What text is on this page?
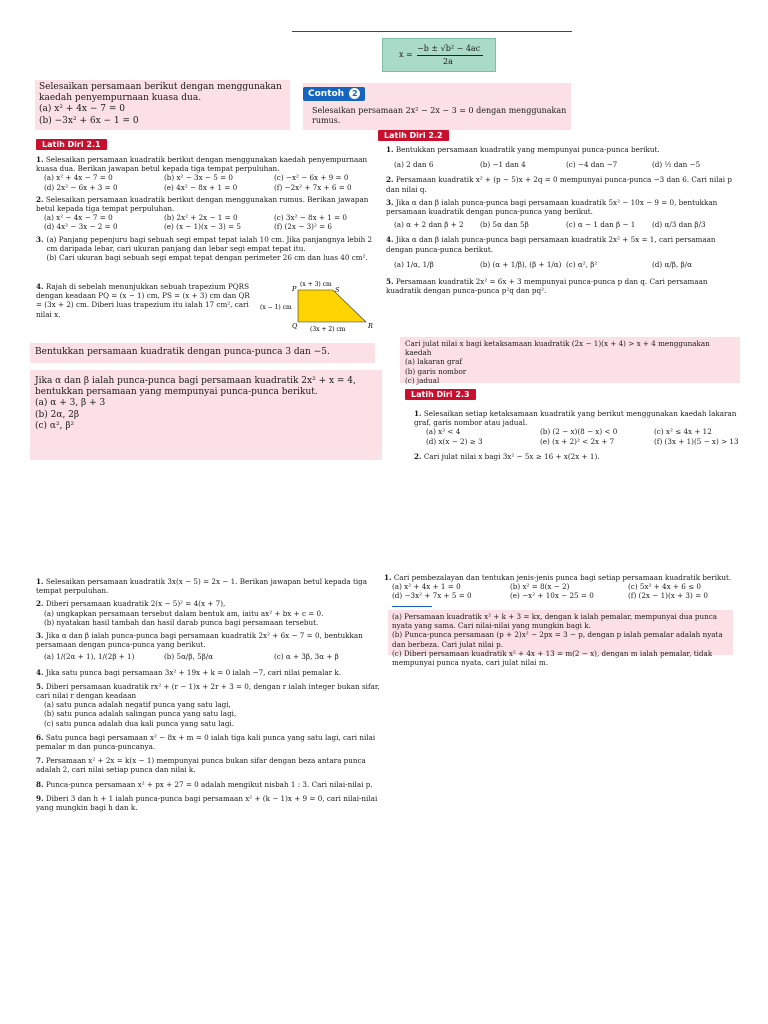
x =
−b ± √b² − 4ac
2a
Selesaikan persamaan berikut dengan menggunakan kaedah penyempurnaan kuasa dua.
(a) x² + 4x − 7 = 0
(b) −3x² + 6x − 1 = 0
Contoh 2
Selesaikan persamaan 2x² − 2x − 3 = 0 dengan menggunakan rumus.
Latih Diri 2.1
1. Selesaikan persamaan kuadratik berikut dengan menggunakan kaedah penyempurnaan kuasa dua. Berikan jawapan betul kepada tiga tempat perpuluhan.
(a) x² + 4x − 7 = 0	(b) x² − 3x − 5 = 0	(c) −x² − 6x + 9 = 0
(d) 2x² − 6x + 3 = 0	(e) 4x² − 8x + 1 = 0	(f) −2x² + 7x + 6 = 0
2. Selesaikan persamaan kuadratik berikut dengan menggunakan rumus. Berikan jawapan betul kepada tiga tempat perpuluhan.
(a) x² − 4x − 7 = 0	(b) 2x² + 2x − 1 = 0	(c) 3x² − 8x + 1 = 0
(d) 4x² − 3x − 2 = 0	(e) (x − 1)(x − 3) = 5	(f) (2x − 3)² = 6
3. (a) Panjang pepenjuru bagi sebuah segi empat tepat ialah 10 cm. Jika panjangnya lebih 2 cm daripada lebar, cari ukuran panjang dan lebar segi empat tepat itu.
(b) Cari ukuran bagi sebuah segi empat tepat dengan perimeter 26 cm dan luas 40 cm².
4. Rajah di sebelah menunjukkan sebuah trapezium PQRS dengan keadaan PQ = (x − 1) cm, PS = (x + 3) cm dan QR = (3x + 2) cm. Diberi luas trapezium itu ialah 17 cm², cari nilai x.
P	S
Q	R
(x + 3) cm
(x − 1) cm
(3x + 2) cm
Bentukkan persamaan kuadratik dengan punca-punca 3 dan −5.
Jika α dan β ialah punca-punca bagi persamaan kuadratik 2x² + x = 4, bentukkan persamaan yang mempunyai punca-punca berikut.
(a) α + 3, β + 3
(b) 2α, 2β
(c) α², β²
Latih Diri 2.2
1. Bentukkan persamaan kuadratik yang mempunyai punca-punca berikut.
(a) 2 dan 6	(b) −1 dan 4	(c) −4 dan −7	(d) ½ dan −5
2. Persamaan kuadratik x² + (p − 5)x + 2q = 0 mempunyai punca-punca −3 dan 6. Cari nilai p dan nilai q.
3. Jika α dan β ialah punca-punca bagi persamaan kuadratik 5x² − 10x − 9 = 0, bentukkan persamaan kuadratik dengan punca-punca yang berikut.
(a) α + 2 dan β + 2	(b) 5α dan 5β	(c) α − 1 dan β − 1	(d) α/3 dan β/3
4. Jika α dan β ialah punca-punca bagi persamaan kuadratik 2x² + 5x = 1, cari persamaan dengan punca-punca berikut.
(a) 1/α, 1/β	(b) (α + 1/β), (β + 1/α) (c) α², β²	(d) α/β, β/α
5. Persamaan kuadratik 2x² = 6x + 3 mempunyai punca-punca p dan q. Cari persamaan kuadratik dengan punca-punca p²q dan pq².
Cari julat nilai x bagi ketaksamaan kuadratik (2x − 1)(x + 4) > x + 4 menggunakan kaedah
(a) lakaran graf
(b) garis nombor
(c) jadual
Latih Diri 2.3
1. Selesaikan setiap ketaksamaan kuadratik yang berikut menggunakan kaedah lakaran graf, garis nombor atau jadual.
(a) x² < 4	(b) (2 − x)(8 − x) < 0	(c) x² ≤ 4x + 12
(d) x(x − 2) ≥ 3	(e) (x + 2)² < 2x + 7	(f) (3x + 1)(5 − x) > 13
2. Cari julat nilai x bagi 3x² − 5x ≥ 16 + x(2x + 1).
1. Selesaikan persamaan kuadratik 3x(x − 5) = 2x − 1. Berikan jawapan betul kepada tiga tempat perpuluhan.
2. Diberi persamaan kuadratik 2(x − 5)² = 4(x + 7),
(a) ungkapkan persamaan tersebut dalam bentuk am, iaitu ax² + bx + c = 0.
(b) nyatakan hasil tambah dan hasil darab punca bagi persamaan tersebut.
3. Jika α dan β ialah punca-punca bagi persamaan kuadratik 2x² + 6x − 7 = 0, bentukkan persamaan dengan punca-punca yang berikut.
(a) 1/(2α + 1), 1/(2β + 1)	(b) 5α/β, 5β/α	(c) α + 3β, 3α + β
4. Jika satu punca bagi persamaan 3x² + 19x + k = 0 ialah −7, cari nilai pemalar k.
5. Diberi persamaan kuadratik rx² + (r − 1)x + 2r + 3 = 0, dengan r ialah integer bukan sifar, cari nilai r dengan keadaan
(a) satu punca adalah negatif punca yang satu lagi,
(b) satu punca adalah salingan punca yang satu lagi,
(c) satu punca adalah dua kali punca yang satu lagi.
6. Satu punca bagi persamaan x² − 8x + m = 0 ialah tiga kali punca yang satu lagi, cari nilai pemalar m dan punca-puncanya.
7. Persamaan x² + 2x = k(x − 1) mempunyai punca bukan sifar dengan beza antara punca adalah 2, cari nilai setiap punca dan nilai k.
8. Punca-punca persamaan x² + px + 27 = 0 adalah mengikut nisbah 1 : 3. Cari nilai-nilai p.
9. Diberi 3 dan h + 1 ialah punca-punca bagi persamaan x² + (k − 1)x + 9 = 0, cari nilai-nilai yang mungkin bagi h dan k.
1. Cari pembezalayan dan tentukan jenis-jenis punca bagi setiap persamaan kuadratik berikut.
(a) x² + 4x + 1 = 0	(b) x² = 8(x − 2)	(c) 5x² + 4x + 6 ≤ 0
(d) −3x² + 7x + 5 = 0	(e) −x² + 10x − 25 = 0	(f) (2x − 1)(x + 3) = 0
(a) Persamaan kuadratik x² + k + 3 = kx, dengan k ialah pemalar, mempunyai dua punca nyata yang sama. Cari nilai-nilai yang mungkin bagi k.
(b) Punca-punca persamaan (p + 2)x² − 2px = 3 − p, dengan p ialah pemalar adalah nyata dan berbeza. Cari julat nilai p.
(c) Diberi persamaan kuadratik x² + 4x + 13 = m(2 − x), dengan m ialah pemalar, tidak mempunyai punca nyata, cari julat nilai m.
